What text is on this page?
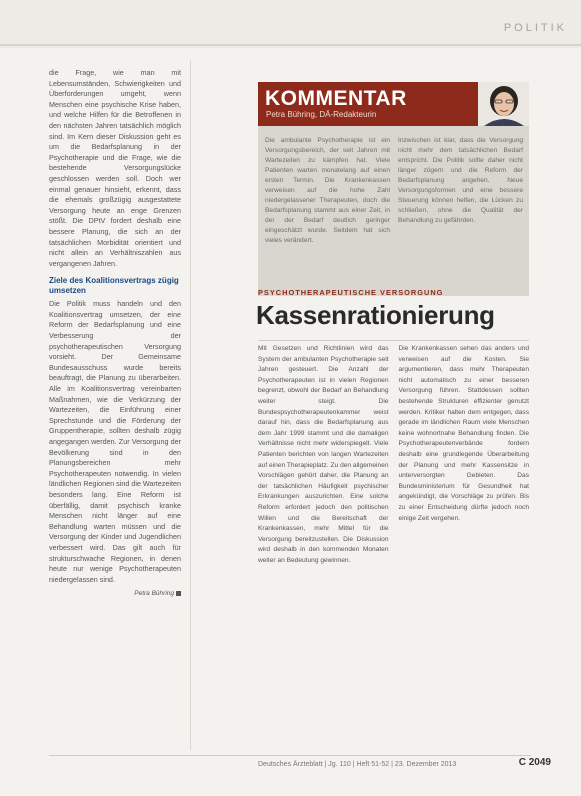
POLITIK

die Frage, wie man mit Lebensumständen, Schwierigkeiten und Überforderungen umgeht, wenn Menschen eine psychische Krise haben, und welche Hilfen für die Betroffenen in den nächsten Jahren tatsächlich möglich sind. Im Kern dieser Diskussion geht es um die Bedarfsplanung in der Psychotherapie und die Frage, wie die bestehende Versorgungslücke geschlossen werden soll. Doch wer einmal genauer hinsieht, erkennt, dass die ehemals großzügig ausgestattete Versorgung heute an enge Grenzen stößt. Die DPtV fordert deshalb eine bessere Planung, die sich an der tatsächlichen Morbidität orientiert und nicht allein an Verhältniszahlen aus vergangenen Jahren.

Ziele des Koalitionsvertrags zügig umsetzen

Die Politik muss handeln und den Koalitionsvertrag umsetzen, der eine Reform der Bedarfsplanung und eine Verbesserung der psychotherapeutischen Versorgung vorsieht. Der Gemeinsame Bundesausschuss wurde bereits beauftragt, die Planung zu überarbeiten. Alle im Koalitionsvertrag vereinbarten Maßnahmen, wie die Verkürzung der Wartezeiten, die Einführung einer Sprechstunde und die Förderung der Gruppentherapie, sollten deshalb zügig angegangen werden. Zur Versorgung der Bevölkerung sind in den Planungsbereichen mehr Psychotherapeuten notwendig. In vielen ländlichen Regionen sind die Wartezeiten besonders lang. Eine Reform ist überfällig, damit psychisch kranke Menschen nicht länger auf eine Behandlung warten müssen und die Versorgung der Kinder und Jugendlichen verbessert wird. Das gilt auch für strukturschwache Regionen, in denen heute nur wenige Psychotherapeuten niedergelassen sind.

Petra Bühring
KOMMENTAR
Petra Bühring, DÄ-Redakteurin

Die ambulante Psychotherapie ist ein Versorgungsbereich, der seit Jahren mit Wartezeiten zu kämpfen hat. Viele Patienten warten monatelang auf einen ersten Termin. Die Krankenkassen verweisen auf die hohe Zahl niedergelassener Therapeuten, doch die Bedarfsplanung stammt aus einer Zeit, in der der Bedarf deutlich geringer eingeschätzt wurde. Seitdem hat sich vieles verändert.

Inzwischen ist klar, dass die Versorgung nicht mehr dem tatsächlichen Bedarf entspricht. Die Politik sollte daher nicht länger zögern und die Reform der Bedarfsplanung angehen. Neue Versorgungsformen und eine bessere Steuerung können helfen, die Lücken zu schließen, ohne die Qualität der Behandlung zu gefährden.

PSYCHOTHERAPEUTISCHE VERSORGUNG
Kassenrationierung

Mit Gesetzen und Richtlinien wird das System der ambulanten Psychotherapie seit Jahren gesteuert. Die Anzahl der Psychotherapeuten ist in vielen Regionen begrenzt, obwohl der Bedarf an Behandlung weiter steigt. Die Bundespsychotherapeutenkammer weist darauf hin, dass die Bedarfsplanung aus dem Jahr 1999 stammt und die damaligen Verhältnisse nicht mehr widerspiegelt. Viele Patienten berichten von langen Wartezeiten auf einen Therapieplatz. Zu den allgemeinen Vorschlägen gehört daher, die Planung an der tatsächlichen Häufigkeit psychischer Erkrankungen auszurichten. Eine solche Reform erfordert jedoch den politischen Willen und die Bereitschaft der Krankenkassen, mehr Mittel für die Versorgung bereitzustellen. Die Diskussion wird deshalb in den kommenden Monaten weiter an Bedeutung gewinnen.

Die Krankenkassen sehen das anders und verweisen auf die Kosten. Sie argumentieren, dass mehr Therapeuten nicht automatisch zu einer besseren Versorgung führen. Stattdessen sollten bestehende Strukturen effizienter genutzt werden. Kritiker halten dem entgegen, dass gerade im ländlichen Raum viele Menschen keine wohnortnahe Behandlung finden. Die Psychotherapeutenverbände fordern deshalb eine grundlegende Überarbeitung der Planung und mehr Kassensitze in unterversorgten Gebieten. Das Bundesministerium für Gesundheit hat angekündigt, die Vorschläge zu prüfen. Bis zu einer Entscheidung dürfte jedoch noch einige Zeit vergehen.

Deutsches Ärzteblatt | Jg. 110 | Heft 51-52 | 23. Dezember 2013	C 2049
